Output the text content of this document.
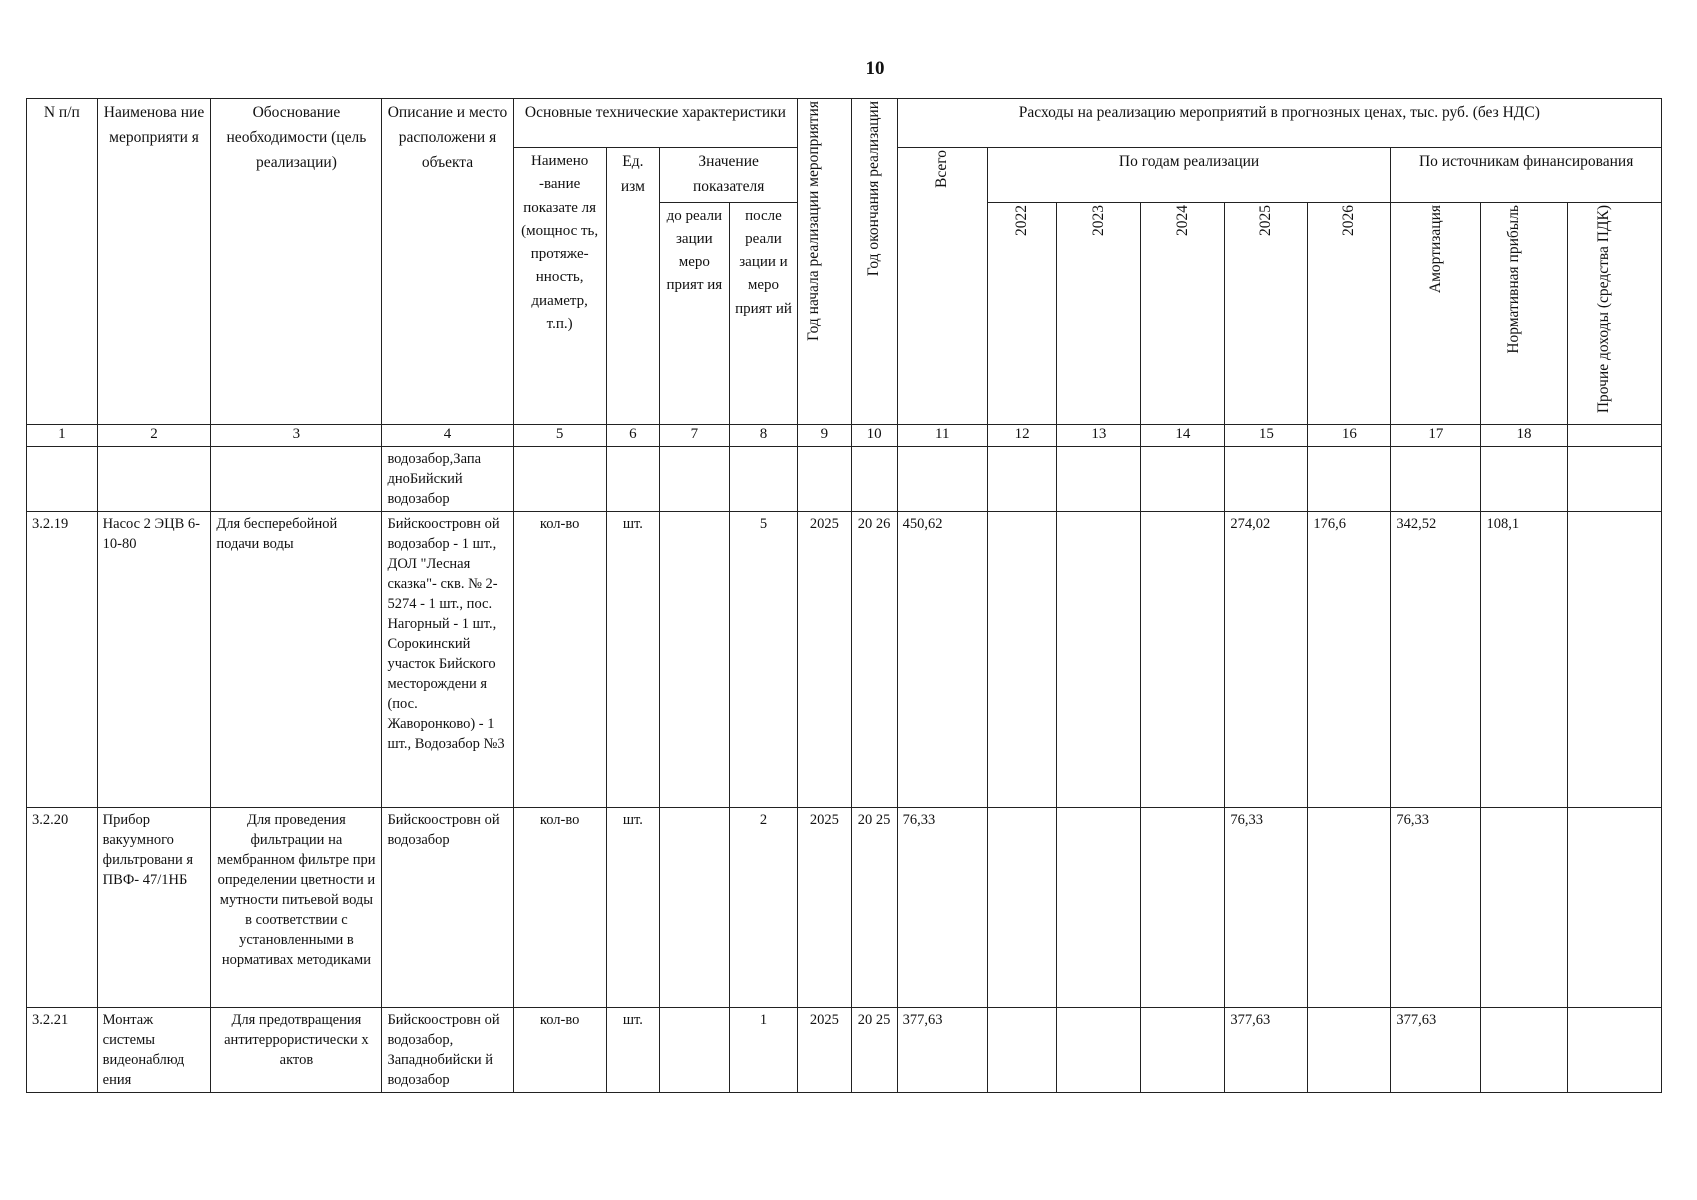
10
N п/п	Наименова ние мероприяти я	Обоснование необходимости (цель реализации)	Описание и место расположени я объекта	Основные технические характеристики				Год начала реализации мероприятия	Год окончания реализации	Расходы на реализацию мероприятий в прогнозных ценах, тыс. руб. (без НДС)								
				Наимено -вание показате ля (мощнос ть, протяже- нность, диаметр, т.п.)	Ед. изм	Значение показателя				Всего	По годам реализации					По источникам финансирования		
						до реали зации меро прият ия	после реали зации и меро прият ий				2022	2023	2024	2025	2026	Амортизация	Нормативная прибыль	Прочие доходы (средства ПДК)

1	2	3	4	5	6	7	8	9	10	11	12	13	14	15	16	17	18	
			водозабор,Запа дноБийский водозабор															
3.2.19	Насос 2 ЭЦВ 6-10-80	Для бесперебойной подачи воды	Бийскоостровн ой водозабор - 1 шт., ДОЛ "Лесная сказка"- скв. № 2-5274 - 1 шт., пос. Нагорный - 1 шт., Сорокинский участок Бийского месторождени я (пос. Жаворонково) - 1 шт., Водозабор №3	кол-во	шт.		5	2025	20 26	450,62				274,02	176,6	342,52	108,1	
3.2.20	Прибор вакуумного фильтровани я ПВФ- 47/1НБ	Для проведения фильтрации на мембранном фильтре при определении цветности и мутности питьевой воды в соответствии с установленными в нормативах методиками	Бийскоостровн ой водозабор	кол-во	шт.		2	2025	20 25	76,33				76,33		76,33		
3.2.21	Монтаж системы видеонаблюд ения	Для предотвращения антитеррористически х актов	Бийскоостровн ой водозабор, Западнобийски й водозабор	кол-во	шт.		1	2025	20 25	377,63				377,63		377,63		
